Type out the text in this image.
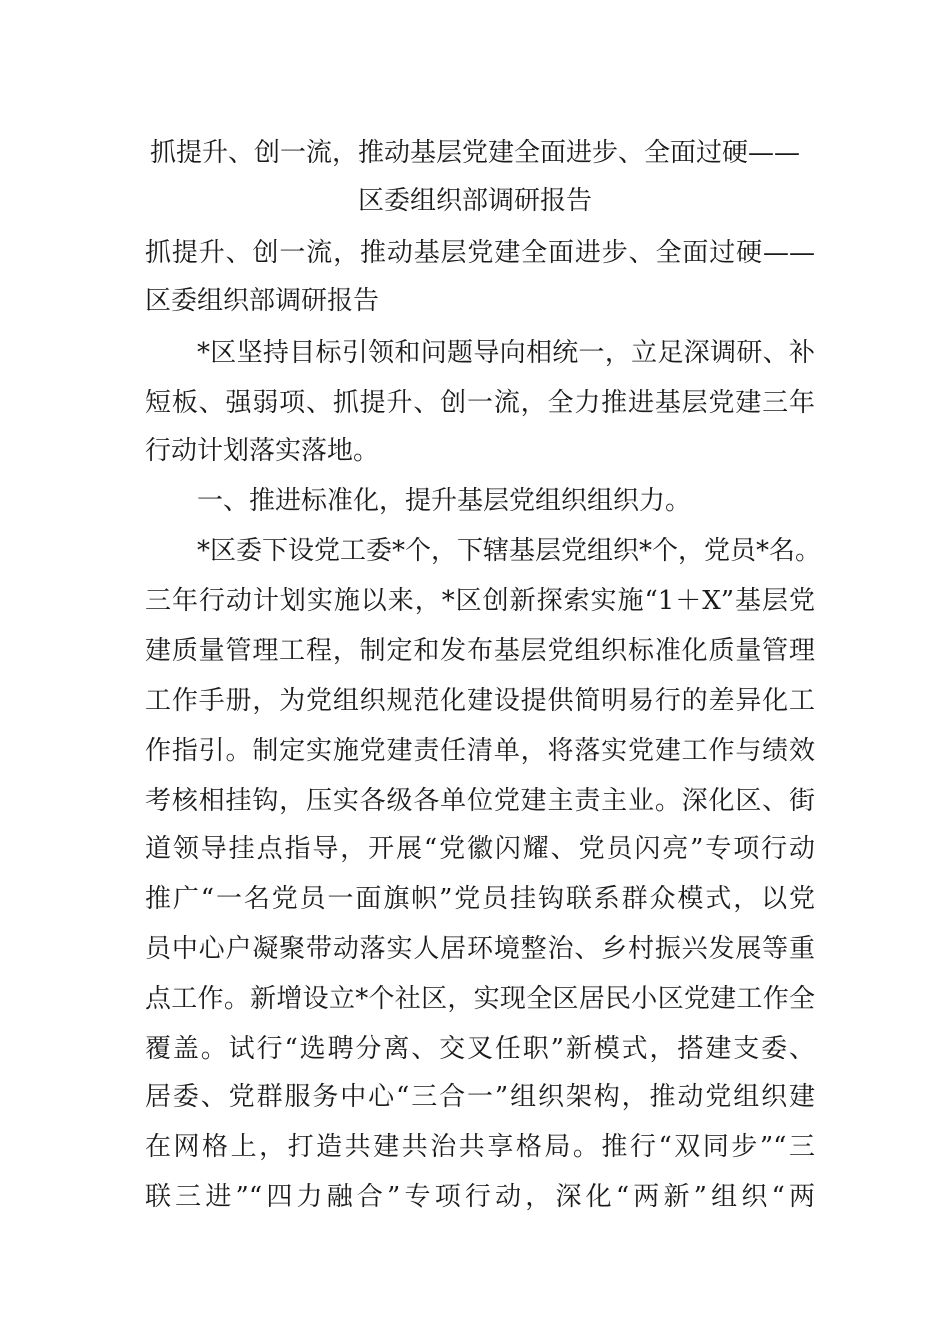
抓提升、创一流，推动基层党建全面进步、全面过硬——
区委组织部调研报告
抓提升、创一流，推动基层党建全面进步、全面过硬——
区委组织部调研报告
*区坚持目标引领和问题导向相统一，立足深调研、补
短板、强弱项、抓提升、创一流，全力推进基层党建三年
行动计划落实落地。
一、推进标准化，提升基层党组织组织力。
*区委下设党工委*个，下辖基层党组织*个，党员*名。
三年行动计划实施以来，*区创新探索实施“1＋X”基层党
建质量管理工程，制定和发布基层党组织标准化质量管理
工作手册，为党组织规范化建设提供简明易行的差异化工
作指引。制定实施党建责任清单，将落实党建工作与绩效
考核相挂钩，压实各级各单位党建主责主业。深化区、街
道领导挂点指导，开展“党徽闪耀、党员闪亮”专项行动
推广“一名党员一面旗帜”党员挂钩联系群众模式，以党
员中心户凝聚带动落实人居环境整治、乡村振兴发展等重
点工作。新增设立*个社区，实现全区居民小区党建工作全
覆盖。试行“选聘分离、交叉任职”新模式，搭建支委、
居委、党群服务中心“三合一”组织架构，推动党组织建
在网格上，打造共建共治共享格局。推行“双同步”“三
联三进”“四力融合”专项行动，深化“两新”组织“两
